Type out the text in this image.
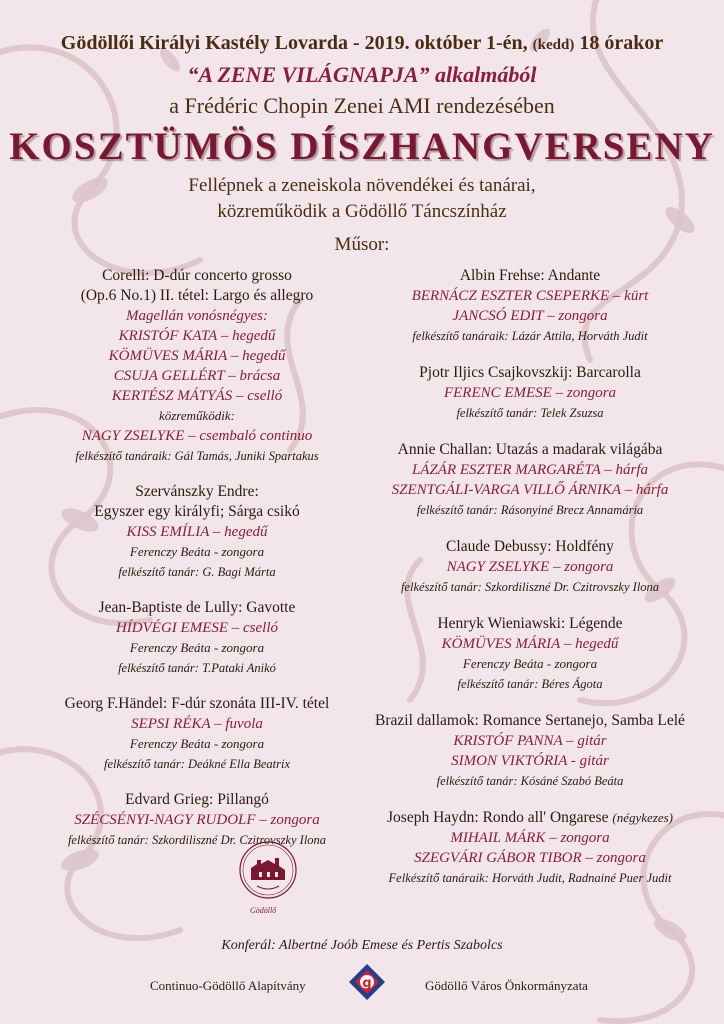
Gödöllői Királyi Kastély Lovarda - 2019. október 1-én, (kedd) 18 órakor
“A ZENE VILÁGNAPJA” alkalmából
a Frédéric Chopin Zenei AMI rendezésében
KOSZTÜMÖS DÍSZHANGVERSENY
Fellépnek a zeneiskola növendékei és tanárai,
közreműködik a Gödöllő Táncszínház
Műsor:
Corelli: D-dúr concerto grosso
(Op.6 No.1) II. tétel: Largo és allegro
Magellán vonósnégyes:
KRISTÓF KATA – hegedű
KÖMÜVES MÁRIA – hegedű
CSUJA GELLÉRT – brácsa
KERTÉSZ MÁTYÁS – cselló
közreműködik:
NAGY ZSELYKE – csembaló continuo
felkészítő tanáraik: Gál Tamás, Juniki Spartakus
Szervánszky Endre:
Egyszer egy királyfi; Sárga csikó
KISS EMÍLIA – hegedű
Ferenczy Beáta - zongora
felkészítő tanár: G. Bagi Márta
Jean-Baptiste de Lully: Gavotte
HÍDVÉGI EMESE – cselló
Ferenczy Beáta - zongora
felkészítő tanár: T.Pataki Anikó
Georg F.Händel: F-dúr szonáta III-IV. tétel
SEPSI RÉKA – fuvola
Ferenczy Beáta - zongora
felkészítő tanár: Deákné Ella Beatrix
Edvard Grieg: Pillangó
SZÉCSÉNYI-NAGY RUDOLF – zongora
felkészítő tanár: Szkordiliszné Dr. Czitrovszky Ilona
Albin Frehse: Andante
BERNÁCZ ESZTER CSEPERKE – kürt
JANCSÓ EDIT – zongora
felkészítő tanáraik: Lázár Attila, Horváth Judit
Pjotr Iljics Csajkovszkij: Barcarolla
FERENC EMESE – zongora
felkészítő tanár: Telek Zsuzsa
Annie Challan: Utazás a madarak világába
LÁZÁR ESZTER MARGARÉTA – hárfa
SZENTGÁLI-VARGA VILLŐ ÁRNIKA – hárfa
felkészítő tanár: Rásonyiné Brecz Annamária
Claude Debussy: Holdfény
NAGY ZSELYKE – zongora
felkészítő tanár: Szkordiliszné Dr. Czitrovszky Ilona
Henryk Wieniawski: Légende
KÖMÜVES MÁRIA – hegedű
Ferenczy Beáta - zongora
felkészítő tanár: Béres Ágota
Brazil dallamok: Romance Sertanejo, Samba Lelé
KRISTÓF PANNA – gitár
SIMON VIKTÓRIA - gitár
felkészítő tanár: Kósáné Szabó Beáta
Joseph Haydn: Rondo all' Ongarese (négykezes)
MIHAIL MÁRK – zongora
SZEGVÁRI GÁBOR TIBOR – zongora
Felkészítő tanáraik: Horváth Judit, Radnainé Puer Judit
Gödöllő
Konferál: Albertné Joób Emese és Pertis Szabolcs
Continuo-Gödöllő Alapítvány	g	Gödöllő Város Önkormányzata
